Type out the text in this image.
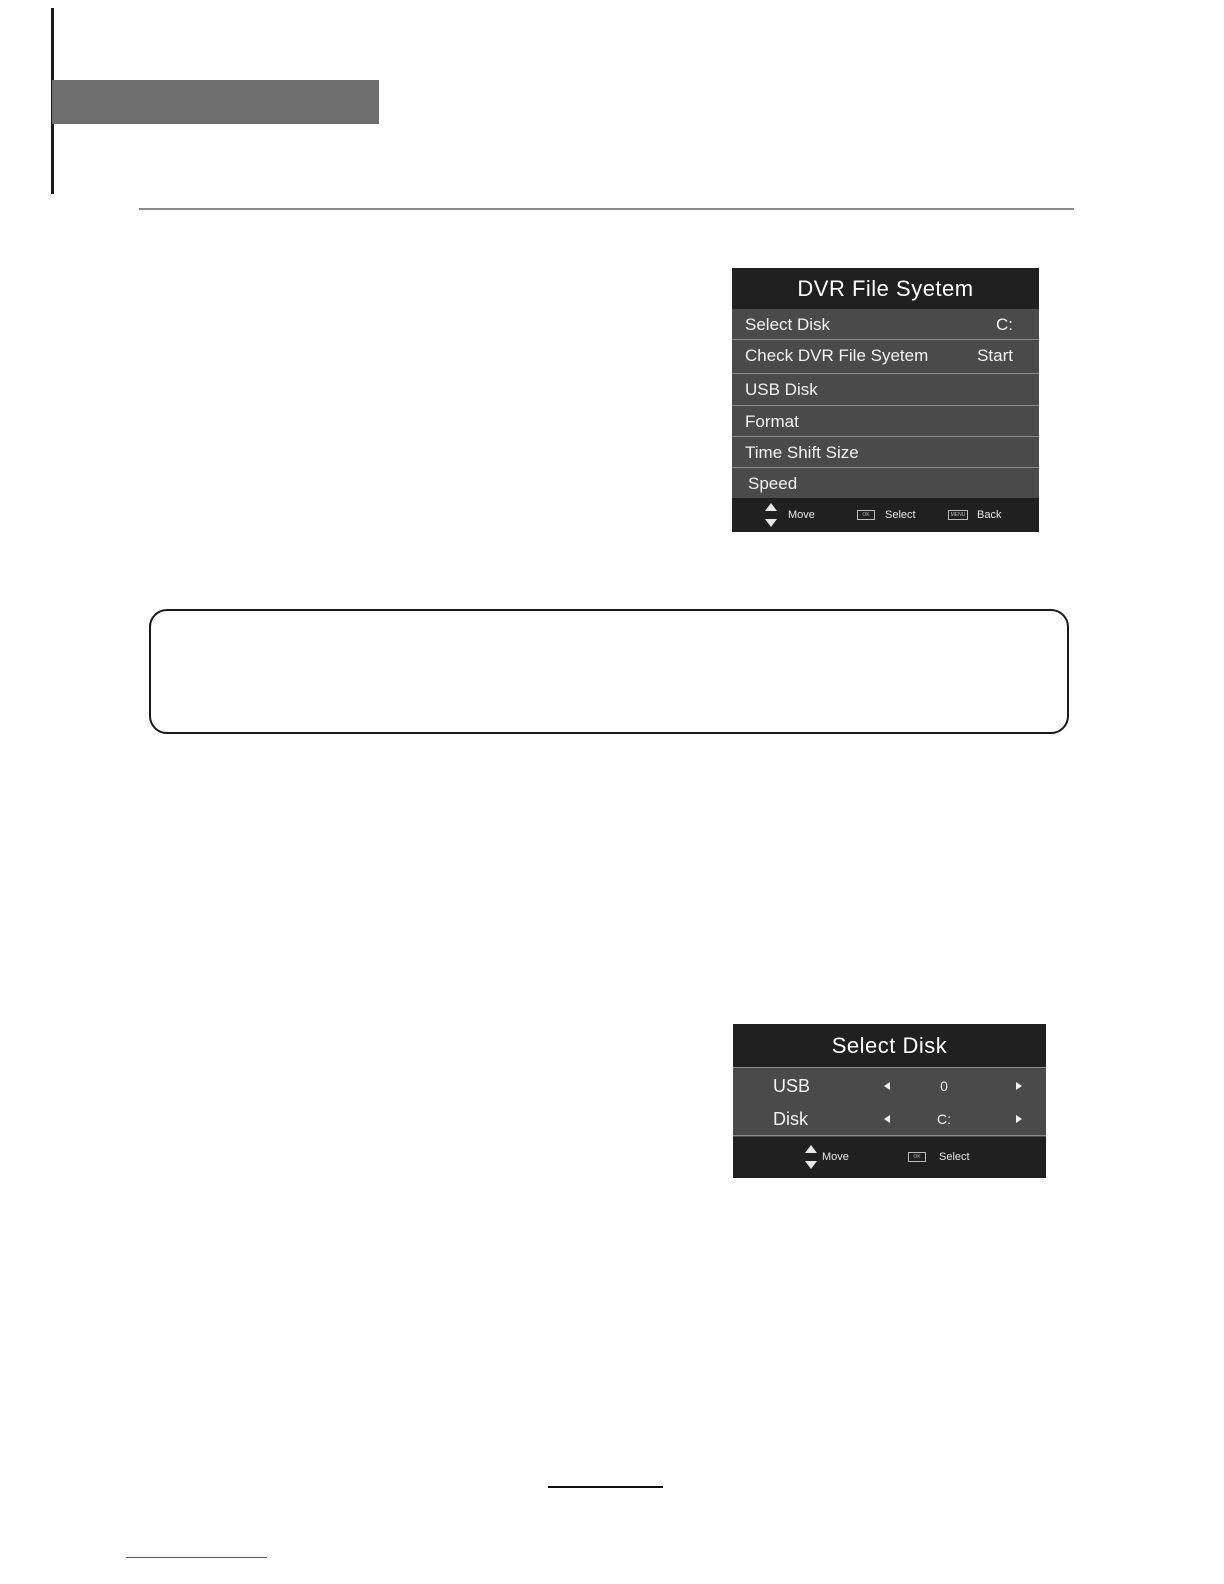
DVR File Syetem
Select Disk	C:
Check DVR File Syetem	Start
USB Disk
Format
Time Shift Size
Speed
Move	OK	Select	MENU Back
Select Disk
USB	0
Disk	C:
Move	OK	Select
